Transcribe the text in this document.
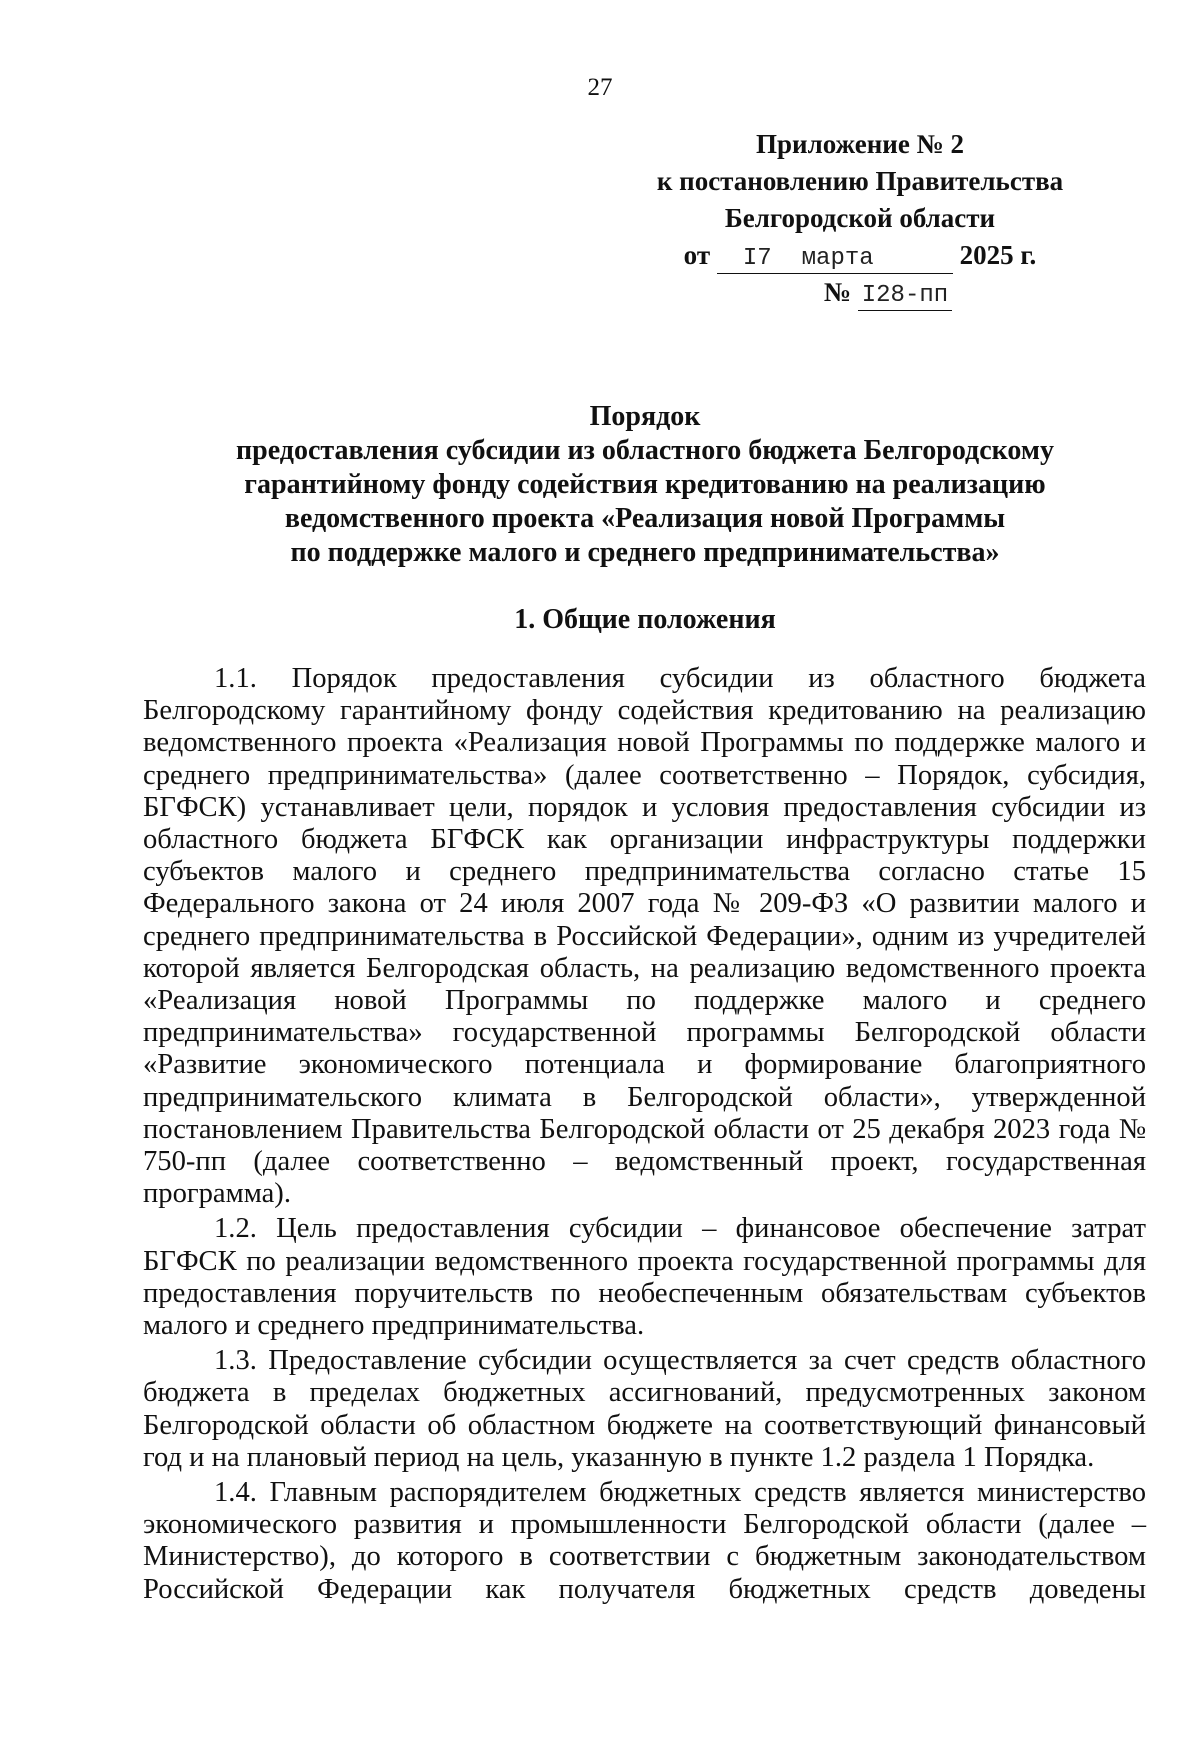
27
Приложение № 2
к постановлению Правительства
Белгородской области
от I7 марта	2025 г.
№ I28-пп
Порядок
предоставления субсидии из областного бюджета Белгородскому
гарантийному фонду содействия кредитованию на реализацию
ведомственного проекта «Реализация новой Программы
по поддержке малого и среднего предпринимательства»
1. Общие положения

1.1. Порядок предоставления субсидии из областного бюджета Белгородскому гарантийному фонду содействия кредитованию на реализацию ведомственного проекта «Реализация новой Программы по поддержке малого и среднего предпринимательства» (далее соответственно – Порядок, субсидия, БГФСК) устанавливает цели, порядок и условия предоставления субсидии из областного бюджета БГФСК как организации инфраструктуры поддержки субъектов малого и среднего предпринимательства согласно статье 15 Федерального закона от 24 июля 2007 года № 209-ФЗ «О развитии малого и среднего предпринимательства в Российской Федерации», одним из учредителей которой является Белгородская область, на реализацию ведомственного проекта «Реализация новой Программы по поддержке малого и среднего предпринимательства» государственной программы Белгородской области «Развитие экономического потенциала и формирование благоприятного предпринимательского климата в Белгородской области», утвержденной постановлением Правительства Белгородской области от 25 декабря 2023 года № 750-пп (далее соответственно – ведомственный проект, государственная программа).

1.2. Цель предоставления субсидии – финансовое обеспечение затрат БГФСК по реализации ведомственного проекта государственной программы для предоставления поручительств по необеспеченным обязательствам субъектов малого и среднего предпринимательства.

1.3. Предоставление субсидии осуществляется за счет средств областного бюджета в пределах бюджетных ассигнований, предусмотренных законом Белгородской области об областном бюджете на соответствующий финансовый год и на плановый период на цель, указанную в пункте 1.2 раздела 1 Порядка.

1.4. Главным распорядителем бюджетных средств является министерство экономического развития и промышленности Белгородской области (далее – Министерство), до которого в соответствии с бюджетным законодательством Российской Федерации как получателя бюджетных средств доведены
